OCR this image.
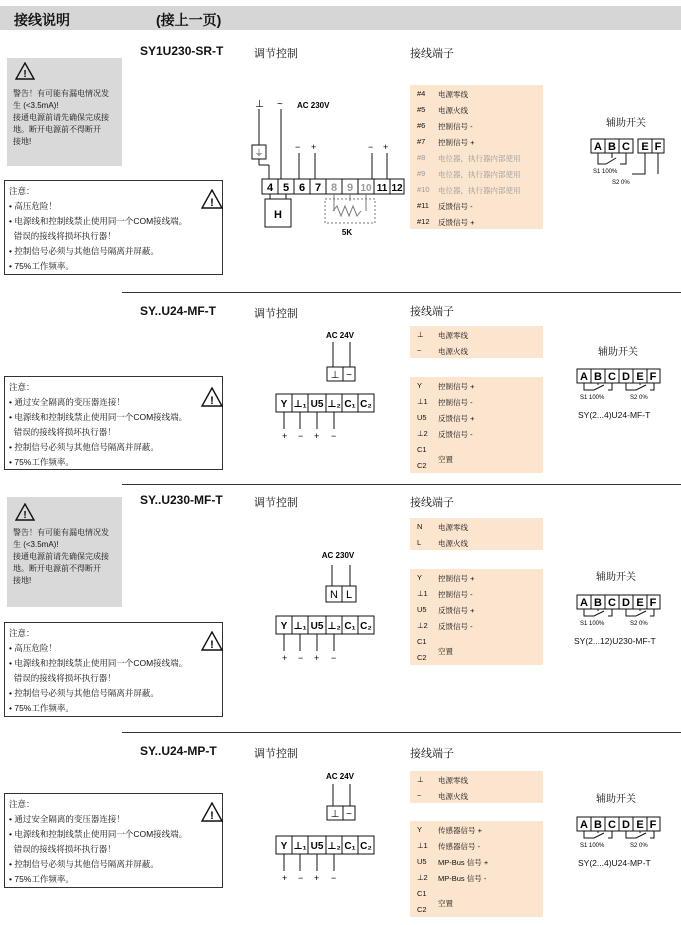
接线说明	(接上一页)
SY1U230-SR-T	调节控制	接线端子
!
警告！有可能有漏电情况发
生 (<3.5mA)!
接通电源前请先确保完成接
地。断开电源前不得断开
接地!
注意：
• 高压危险！
• 电源线和控制线禁止使用同一个COM接线端。
错误的接线将损坏执行器！
• 控制信号必须与其他信号隔离并屏蔽。
• 75%工作频率。
!
⊥ ~ AC 230V
⏚
− +	− +
4 5 6 7 8 9 10 11 12
H
5K
#4 电源零线
#5 电源火线
#6 控制信号 -
#7 控制信号 +
#8 电位器，执行器内部使用
#9 电位器，执行器内部使用
#10 电位器，执行器内部使用
#11 反馈信号 -
#12 反馈信号 +
辅助开关
A B C E F
S1 100%
S2 0%
SY..U24-MF-T	调节控制	接线端子
注意：
• 通过安全隔离的变压器连接！
• 电源线和控制线禁止使用同一个COM接线端。
错误的接线将损坏执行器！
• 控制信号必须与其他信号隔离并屏蔽。
• 75%工作频率。
!
AC 24V
⊥ ~
Y ⊥₁ U5 ⊥₂ C₁ C₂
+ − + −
⊥ 电源零线
~ 电源火线
Y 控制信号 +
⊥1 控制信号 -
U5 反馈信号 +
⊥2 反馈信号 -
C1
C2
空置
辅助开关
A B C D E F
S1 100%	S2 0%
SY(2...4)U24-MF-T
SY..U230-MF-T	调节控制	接线端子
!
警告！有可能有漏电情况发
生 (<3.5mA)!
接通电源前请先确保完成接
地。断开电源前不得断开
接地!
注意：
• 高压危险！
• 电源线和控制线禁止使用同一个COM接线端。
错误的接线将损坏执行器！
• 控制信号必须与其他信号隔离并屏蔽。
• 75%工作频率。
!
AC 230V
N L
Y ⊥₁ U5 ⊥₂ C₁ C₂
+ − + −
N 电源零线
L 电源火线
Y 控制信号 +
⊥1 控制信号 -
U5 反馈信号 +
⊥2 反馈信号 -
C1
C2
空置
辅助开关
A B C D E F
S1 100%	S2 0%
SY(2...12)U230-MF-T
SY..U24-MP-T	调节控制	接线端子
注意：
• 通过安全隔离的变压器连接！
• 电源线和控制线禁止使用同一个COM接线端。
错误的接线将损坏执行器！
• 控制信号必须与其他信号隔离并屏蔽。
• 75%工作频率。
!
AC 24V
⊥ ~
Y ⊥₁ U5 ⊥₂ C₁ C₂
+ − + −
⊥ 电源零线
~ 电源火线
Y 传感器信号 +
⊥1 传感器信号 -
U5 MP-Bus 信号 +
⊥2 MP-Bus 信号 -
C1
C2
空置
辅助开关
A B C D E F
S1 100%	S2 0%
SY(2...4)U24-MP-T
